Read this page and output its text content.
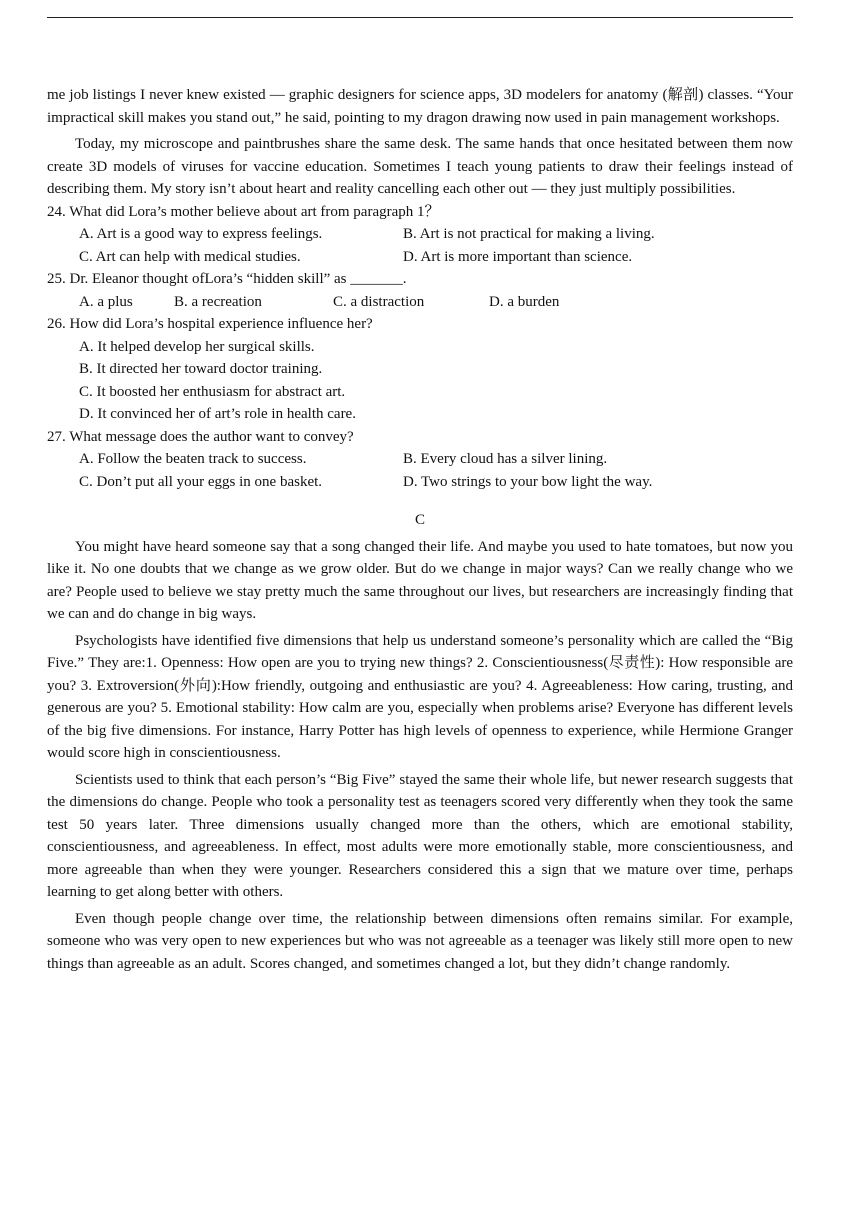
me job listings I never knew existed — graphic designers for science apps, 3D modelers for anatomy (解剖) classes. “Your impractical skill makes you stand out,” he said, pointing to my dragon drawing now used in pain management workshops.

Today, my microscope and paintbrushes share the same desk. The same hands that once hesitated between them now create 3D models of viruses for vaccine education. Sometimes I teach young patients to draw their feelings instead of describing them. My story isn’t about heart and reality cancelling each other out — they just multiply possibilities.

24. What did Lora’s mother believe about art from paragraph 1？
A. Art is a good way to express feelings.	B. Art is not practical for making a living.
C. Art can help with medical studies.	D. Art is more important than science.
25. Dr. Eleanor thought ofLora’s “hidden skill” as _______.
A. a plus	B. a recreation	C. a distraction	D. a burden
26. How did Lora’s hospital experience influence her?
A. It helped develop her surgical skills.
B. It directed her toward doctor training.
C. It boosted her enthusiasm for abstract art.
D. It convinced her of art’s role in health care.
27. What message does the author want to convey?
A. Follow the beaten track to success.	B. Every cloud has a silver lining.
C. Don’t put all your eggs in one basket.	D. Two strings to your bow light the way.
C

You might have heard someone say that a song changed their life. And maybe you used to hate tomatoes, but now you like it. No one doubts that we change as we grow older. But do we change in major ways? Can we really change who we are? People used to believe we stay pretty much the same throughout our lives, but researchers are increasingly finding that we can and do change in big ways.

Psychologists have identified five dimensions that help us understand someone’s personality which are called the “Big Five.” They are:1. Openness: How open are you to trying new things? 2. Conscientiousness(尽责性): How responsible are you? 3. Extroversion(外向):How friendly, outgoing and enthusiastic are you? 4. Agreeableness: How caring, trusting, and generous are you? 5. Emotional stability: How calm are you, especially when problems arise? Everyone has different levels of the big five dimensions. For instance, Harry Potter has high levels of openness to experience, while Hermione Granger would score high in conscientiousness.

Scientists used to think that each person’s “Big Five” stayed the same their whole life, but newer research suggests that the dimensions do change. People who took a personality test as teenagers scored very differently when they took the same test 50 years later. Three dimensions usually changed more than the others, which are emotional stability, conscientiousness, and agreeableness. In effect, most adults were more emotionally stable, more conscientiousness, and more agreeable than when they were younger. Researchers considered this a sign that we mature over time, perhaps learning to get along better with others.

Even though people change over time, the relationship between dimensions often remains similar. For example, someone who was very open to new experiences but who was not agreeable as a teenager was likely still more open to new things than agreeable as an adult. Scores changed, and sometimes changed a lot, but they didn’t change randomly.
